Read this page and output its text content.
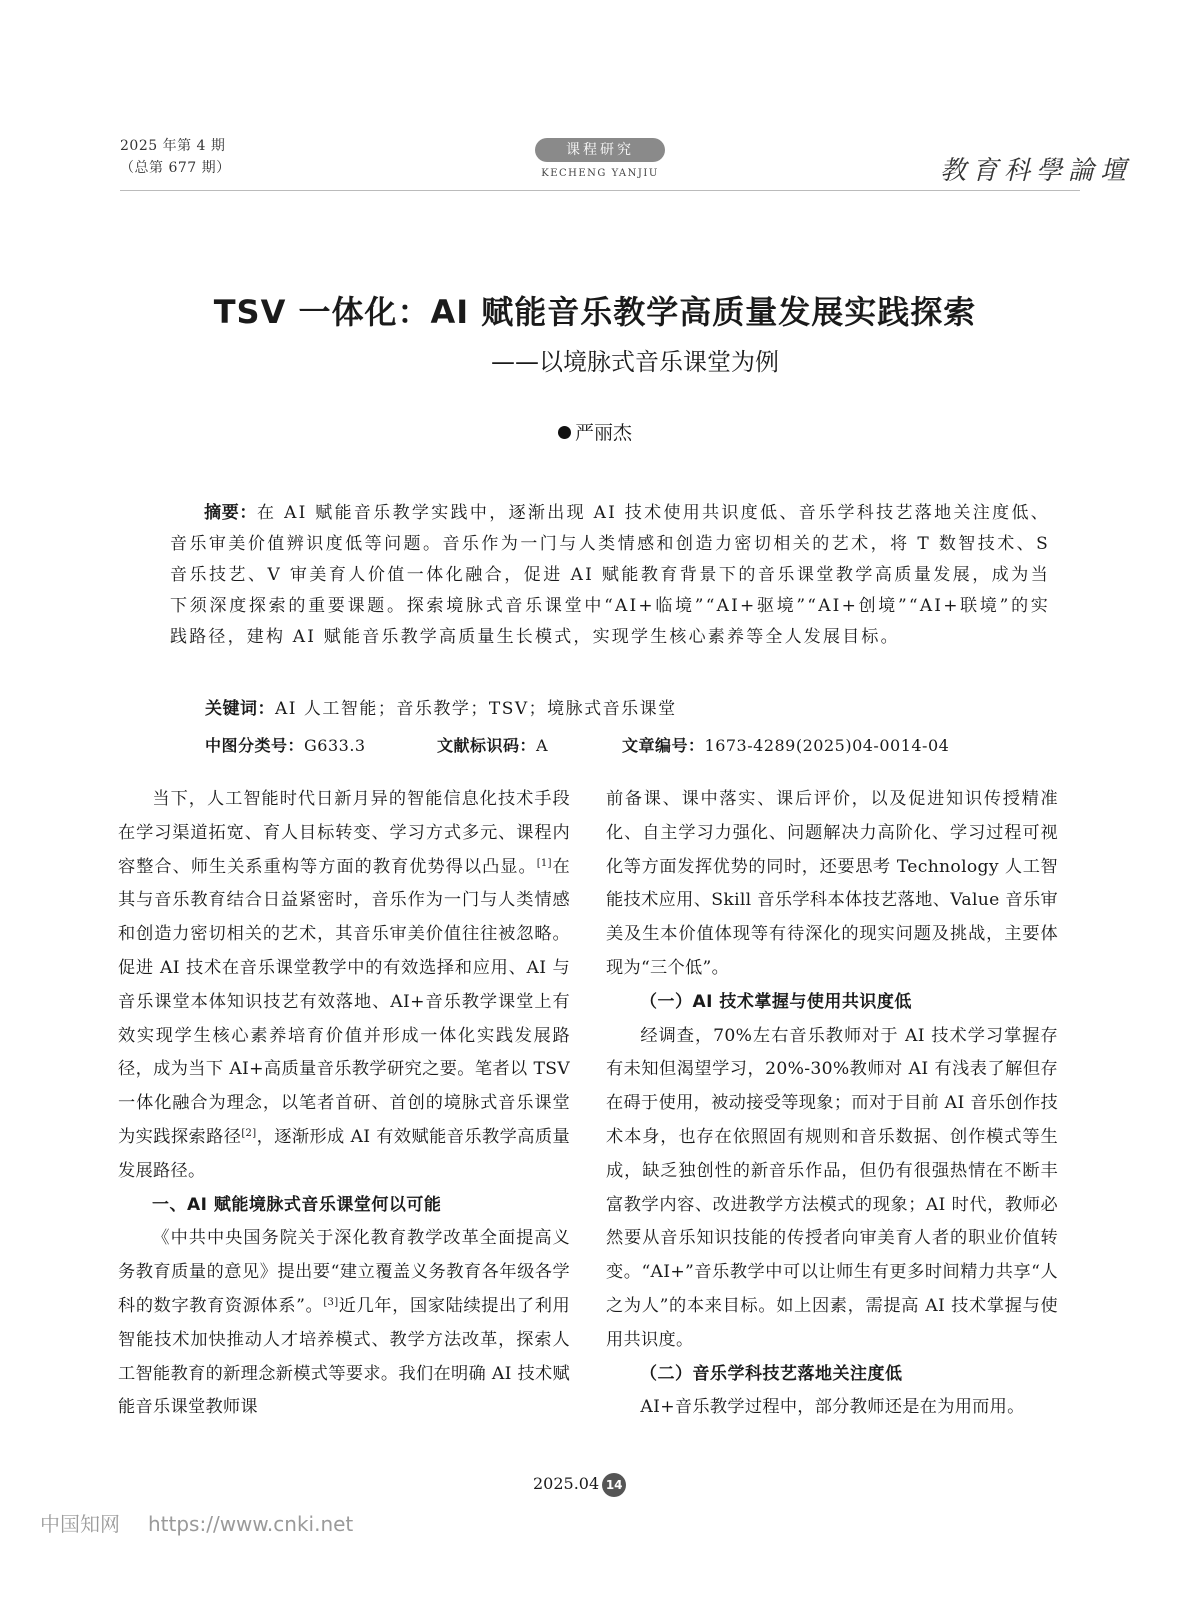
2025 年第 4 期
（总第 677 期）
课程研究
KECHENG YANJIU	教育科學論壇
TSV 一体化：AI 赋能音乐教学高质量发展实践探索
——以境脉式音乐课堂为例
严丽杰
摘要：在 AI 赋能音乐教学实践中，逐渐出现 AI 技术使用共识度低、音乐学科技艺落地关注度低、音乐审美价值辨识度低等问题。音乐作为一门与人类情感和创造力密切相关的艺术，将 T 数智技术、S 音乐技艺、V 审美育人价值一体化融合，促进 AI 赋能教育背景下的音乐课堂教学高质量发展，成为当下须深度探索的重要课题。探索境脉式音乐课堂中“AI+临境”“AI+驱境”“AI+创境”“AI+联境”的实践路径，建构 AI 赋能音乐教学高质量生长模式，实现学生核心素养等全人发展目标。
关键词：AI 人工智能；音乐教学；TSV；境脉式音乐课堂
中图分类号：G633.3	文献标识码：A	文章编号：1673-4289(2025)04-0014-04

当下，人工智能时代日新月异的智能信息化技术手段在学习渠道拓宽、育人目标转变、学习方式多元、课程内容整合、师生关系重构等方面的教育优势得以凸显。[1]在其与音乐教育结合日益紧密时，音乐作为一门与人类情感和创造力密切相关的艺术，其音乐审美价值往往被忽略。促进 AI 技术在音乐课堂教学中的有效选择和应用、AI 与音乐课堂本体知识技艺有效落地、AI+音乐教学课堂上有效实现学生核心素养培育价值并形成一体化实践发展路径，成为当下 AI+高质量音乐教学研究之要。笔者以 TSV 一体化融合为理念，以笔者首研、首创的境脉式音乐课堂为实践探索路径[2]，逐渐形成 AI 有效赋能音乐教学高质量发展路径。

一、AI 赋能境脉式音乐课堂何以可能

《中共中央国务院关于深化教育教学改革全面提高义务教育质量的意见》提出要“建立覆盖义务教育各年级各学科的数字教育资源体系”。[3]近几年，国家陆续提出了利用智能技术加快推动人才培养模式、教学方法改革，探索人工智能教育的新理念新模式等要求。我们在明确 AI 技术赋能音乐课堂教师课

前备课、课中落实、课后评价，以及促进知识传授精准化、自主学习力强化、问题解决力高阶化、学习过程可视化等方面发挥优势的同时，还要思考 Technology 人工智能技术应用、Skill 音乐学科本体技艺落地、Value 音乐审美及生本价值体现等有待深化的现实问题及挑战，主要体现为“三个低”。

（一）AI 技术掌握与使用共识度低

经调查，70%左右音乐教师对于 AI 技术学习掌握存有未知但渴望学习，20%-30%教师对 AI 有浅表了解但存在碍于使用，被动接受等现象；而对于目前 AI 音乐创作技术本身，也存在依照固有规则和音乐数据、创作模式等生成，缺乏独创性的新音乐作品，但仍有很强热情在不断丰富教学内容、改进教学方法模式的现象；AI 时代，教师必然要从音乐知识技能的传授者向审美育人者的职业价值转变。“AI+”音乐教学中可以让师生有更多时间精力共享“人之为人”的本来目标。如上因素，需提高 AI 技术掌握与使用共识度。

（二）音乐学科技艺落地关注度低

AI+音乐教学过程中，部分教师还是在为用而用。

2025.04 14
中国知网 https://www.cnki.net
